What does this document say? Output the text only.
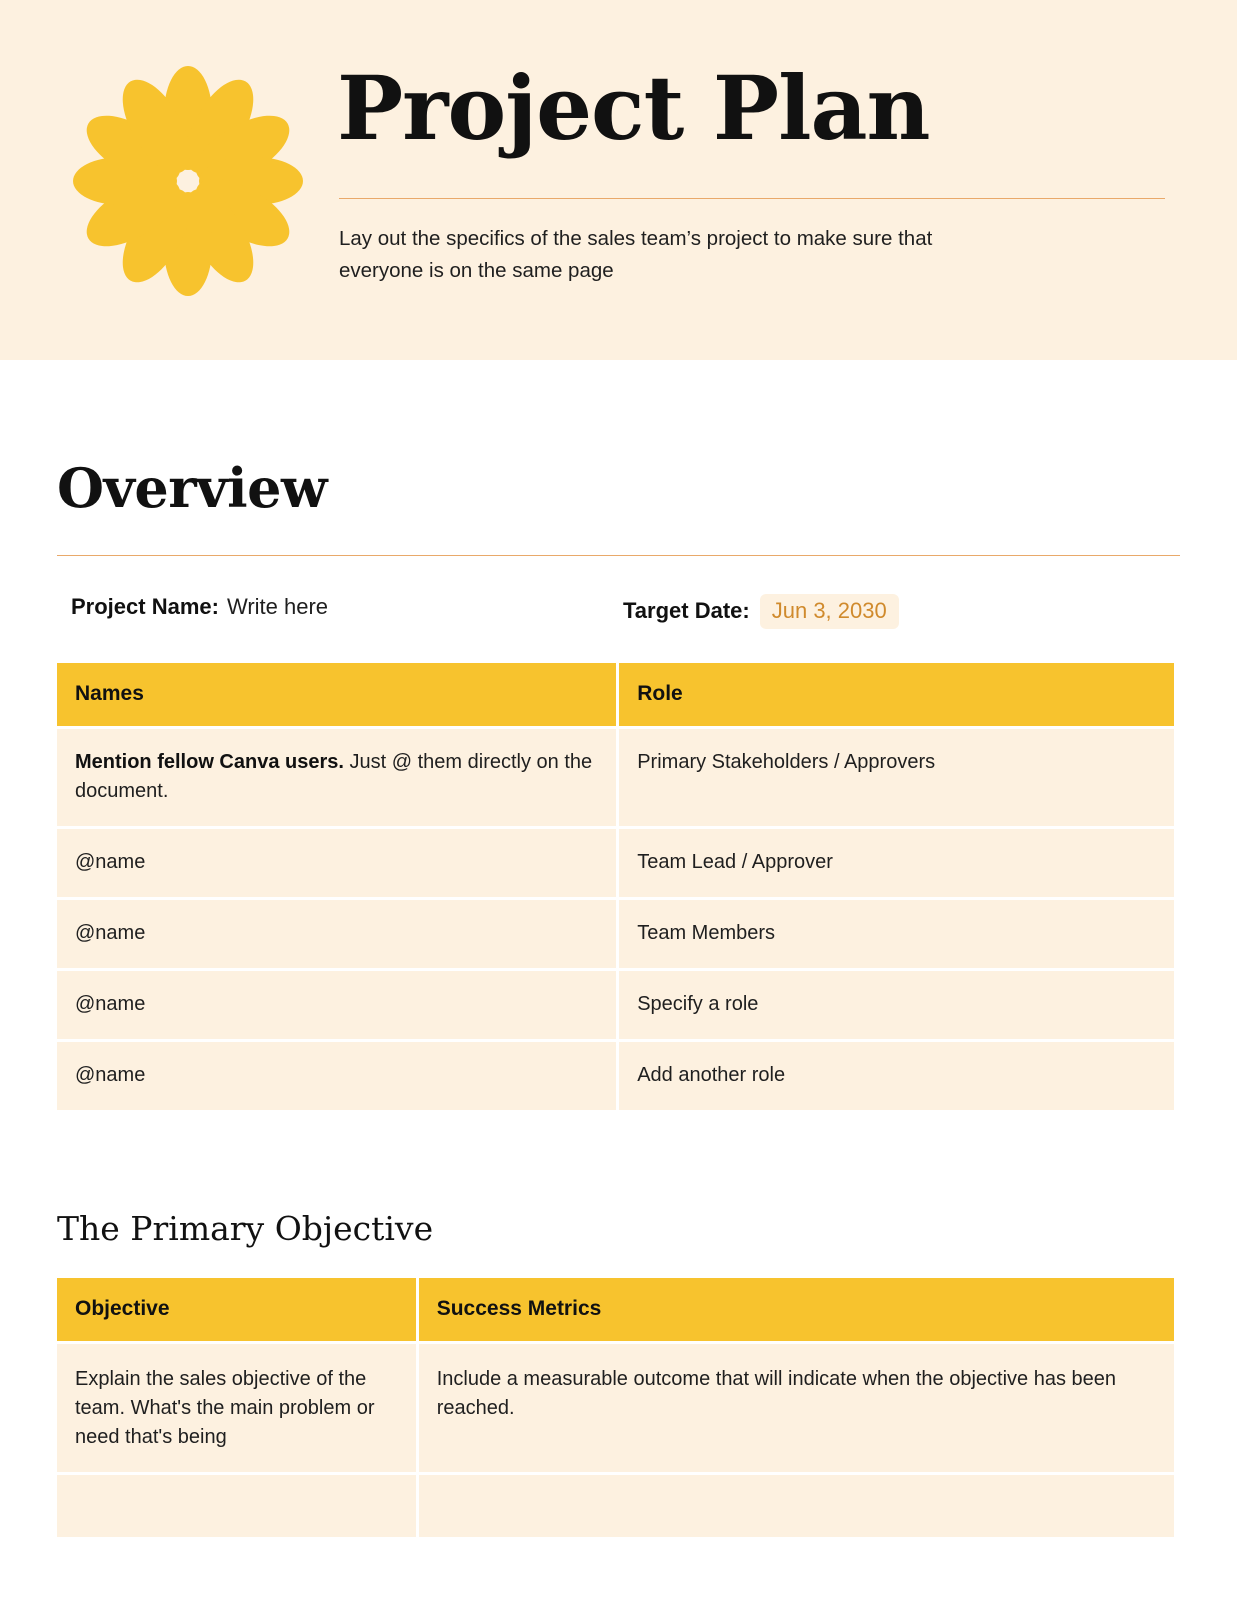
Project Plan

Lay out the specifics of the sales team’s project to make sure that everyone is on the same page

Overview
Project Name: Write here	Target Date:	Jun 3, 2030
Names	Role
Mention fellow Canva users. Just @ them directly on the document.	Primary Stakeholders / Approvers
@name	Team Lead / Approver
@name	Team Members
@name	Specify a role
@name	Add another role
The Primary Objective
Objective	Success Metrics
Explain the sales objective of the team. What's the main problem or need that's being	Include a measurable outcome that will indicate when the objective has been reached.
